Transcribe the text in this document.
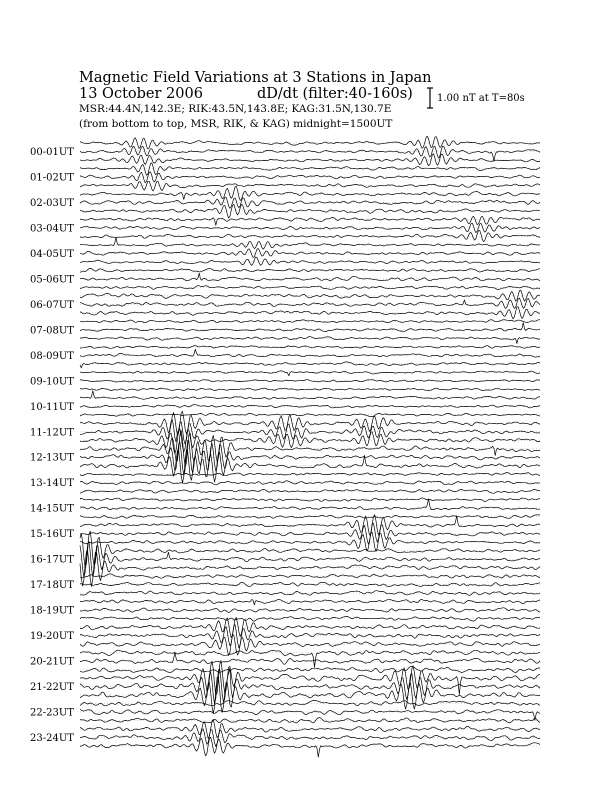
Magnetic Field Variations at 3 Stations in Japan
13 October 2006	dD/dt (filter:40-160s)
MSR:44.4N,142.3E; RIK:43.5N,143.8E; KAG:31.5N,130.7E
(from bottom to top, MSR, RIK, & KAG) midnight=1500UT
1.00 nT at T=80s
00-01UT
01-02UT
02-03UT
03-04UT
04-05UT
05-06UT
06-07UT
07-08UT
08-09UT
09-10UT
10-11UT
11-12UT
12-13UT
13-14UT
14-15UT
15-16UT
16-17UT
17-18UT
18-19UT
19-20UT
20-21UT
21-22UT
22-23UT
23-24UT
